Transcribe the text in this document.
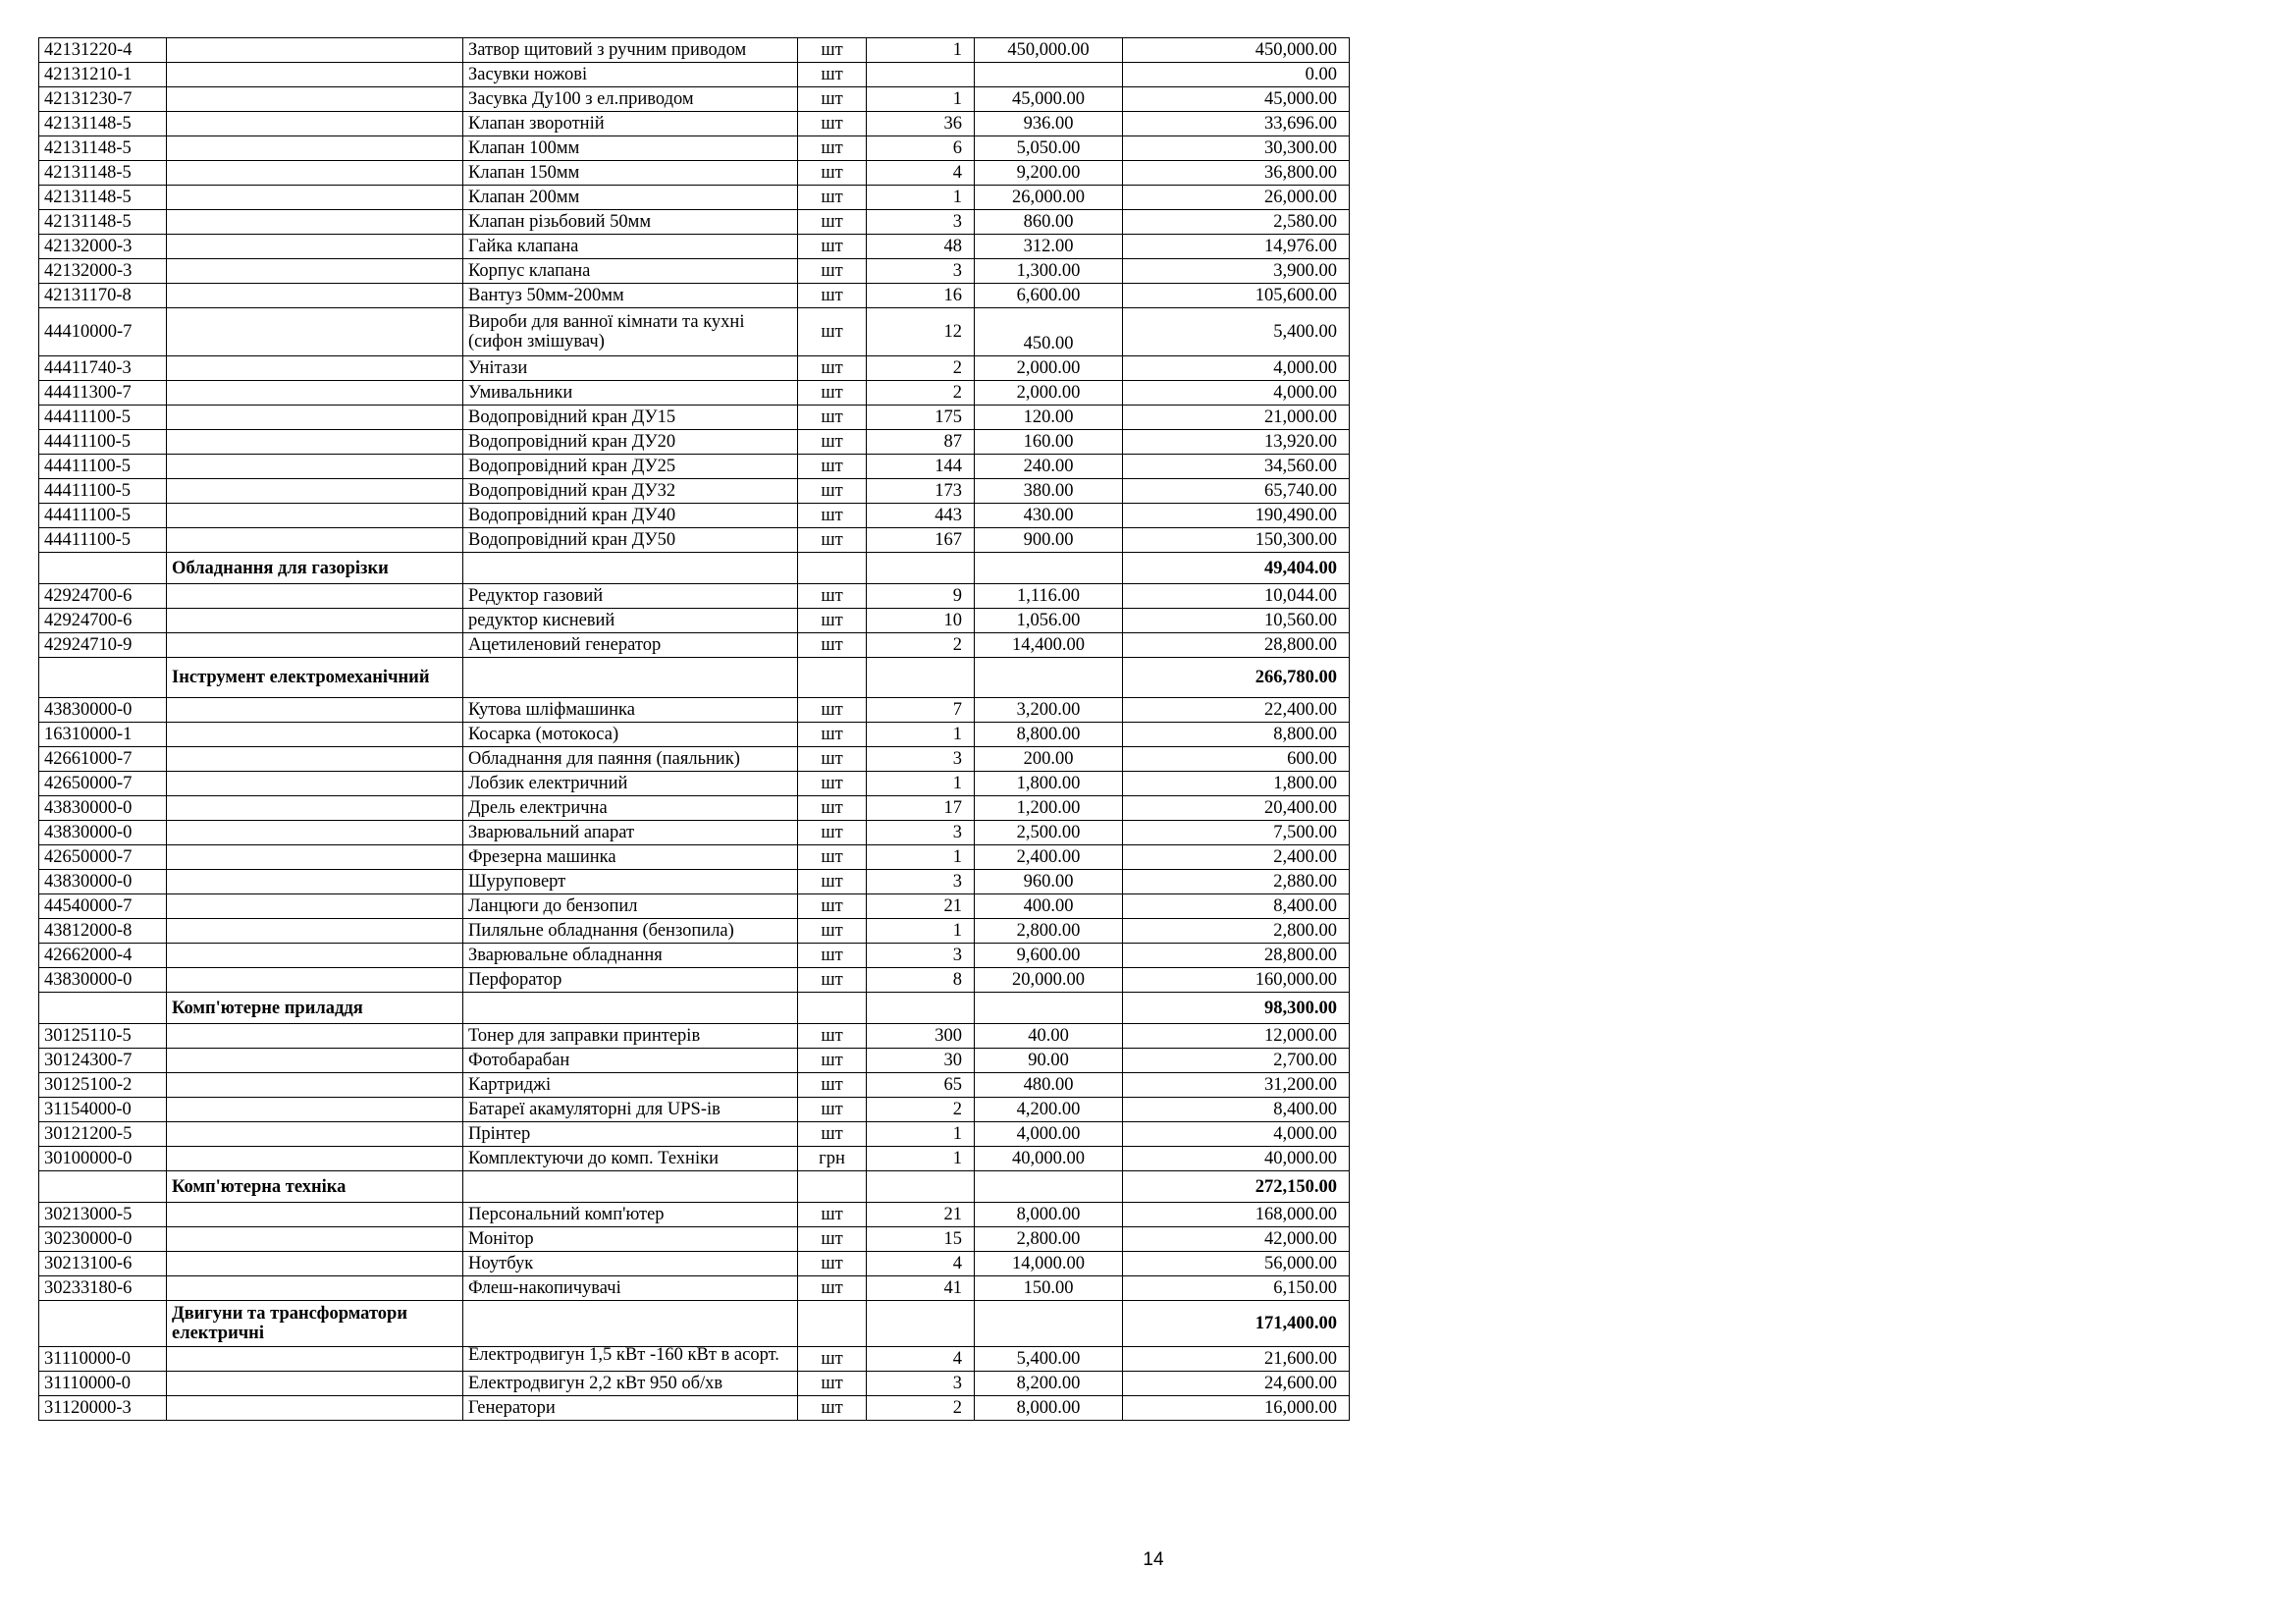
42131220-4		Затвор щитовий з ручним приводом	шт	1	450,000.00	450,000.00
42131210-1		Засувки ножові	шт			0.00
42131230-7		Засувка Ду100 з ел.приводом	шт	1	45,000.00	45,000.00
42131148-5		Клапан зворотній	шт	36	936.00	33,696.00
42131148-5		Клапан 100мм	шт	6	5,050.00	30,300.00
42131148-5		Клапан 150мм	шт	4	9,200.00	36,800.00
42131148-5		Клапан 200мм	шт	1	26,000.00	26,000.00
42131148-5		Клапан різьбовий 50мм	шт	3	860.00	2,580.00
42132000-3		Гайка клапана	шт	48	312.00	14,976.00
42132000-3		Корпус клапана	шт	3	1,300.00	3,900.00
42131170-8		Вантуз 50мм-200мм	шт	16	6,600.00	105,600.00
44410000-7		Вироби для ванної кімнати та кухні (сифон змішувач)	шт	12	450.00	5,400.00
44411740-3		Унітази	шт	2	2,000.00	4,000.00
44411300-7		Умивальники	шт	2	2,000.00	4,000.00
44411100-5		Водопровідний кран ДУ15	шт	175	120.00	21,000.00
44411100-5		Водопровідний кран ДУ20	шт	87	160.00	13,920.00
44411100-5		Водопровідний кран ДУ25	шт	144	240.00	34,560.00
44411100-5		Водопровідний кран ДУ32	шт	173	380.00	65,740.00
44411100-5		Водопровідний кран ДУ40	шт	443	430.00	190,490.00
44411100-5		Водопровідний кран ДУ50	шт	167	900.00	150,300.00
	Обладнання для газорізки					49,404.00
42924700-6		Редуктор газовий	шт	9	1,116.00	10,044.00
42924700-6		редуктор кисневий	шт	10	1,056.00	10,560.00
42924710-9		Ацетиленовий генератор	шт	2	14,400.00	28,800.00
	Інструмент електромеханічний					266,780.00
43830000-0		Кутова шліфмашинка	шт	7	3,200.00	22,400.00
16310000-1		Косарка (мотокоса)	шт	1	8,800.00	8,800.00
42661000-7		Обладнання для паяння (паяльник)	шт	3	200.00	600.00
42650000-7		Лобзик електричний	шт	1	1,800.00	1,800.00
43830000-0		Дрель електрична	шт	17	1,200.00	20,400.00
43830000-0		Зварювальний апарат	шт	3	2,500.00	7,500.00
42650000-7		Фрезерна машинка	шт	1	2,400.00	2,400.00
43830000-0		Шуруповерт	шт	3	960.00	2,880.00
44540000-7		Ланцюги до бензопил	шт	21	400.00	8,400.00
43812000-8		Пиляльне обладнання (бензопила)	шт	1	2,800.00	2,800.00
42662000-4		Зварювальне обладнання	шт	3	9,600.00	28,800.00
43830000-0		Перфоратор	шт	8	20,000.00	160,000.00
	Комп'ютерне приладдя					98,300.00
30125110-5		Тонер для заправки принтерів	шт	300	40.00	12,000.00
30124300-7		Фотобарабан	шт	30	90.00	2,700.00
30125100-2		Картриджі	шт	65	480.00	31,200.00
31154000-0		Батареї акамуляторні для UPS-ів	шт	2	4,200.00	8,400.00
30121200-5		Прінтер	шт	1	4,000.00	4,000.00
30100000-0		Комплектуючи до комп. Техніки	грн	1	40,000.00	40,000.00
	Комп'ютерна техніка					272,150.00
30213000-5		Персональний комп'ютер	шт	21	8,000.00	168,000.00
30230000-0		Монітор	шт	15	2,800.00	42,000.00
30213100-6		Ноутбук	шт	4	14,000.00	56,000.00
30233180-6		Флеш-накопичувачі	шт	41	150.00	6,150.00
	Двигуни та трансформатори електричні					171,400.00
31110000-0		Електродвигун 1,5 кВт -160 кВт в асорт.	шт	4	5,400.00	21,600.00
31110000-0		Електродвигун 2,2 кВт 950 об/хв	шт	3	8,200.00	24,600.00
31120000-3		Генератори	шт	2	8,000.00	16,000.00
14
